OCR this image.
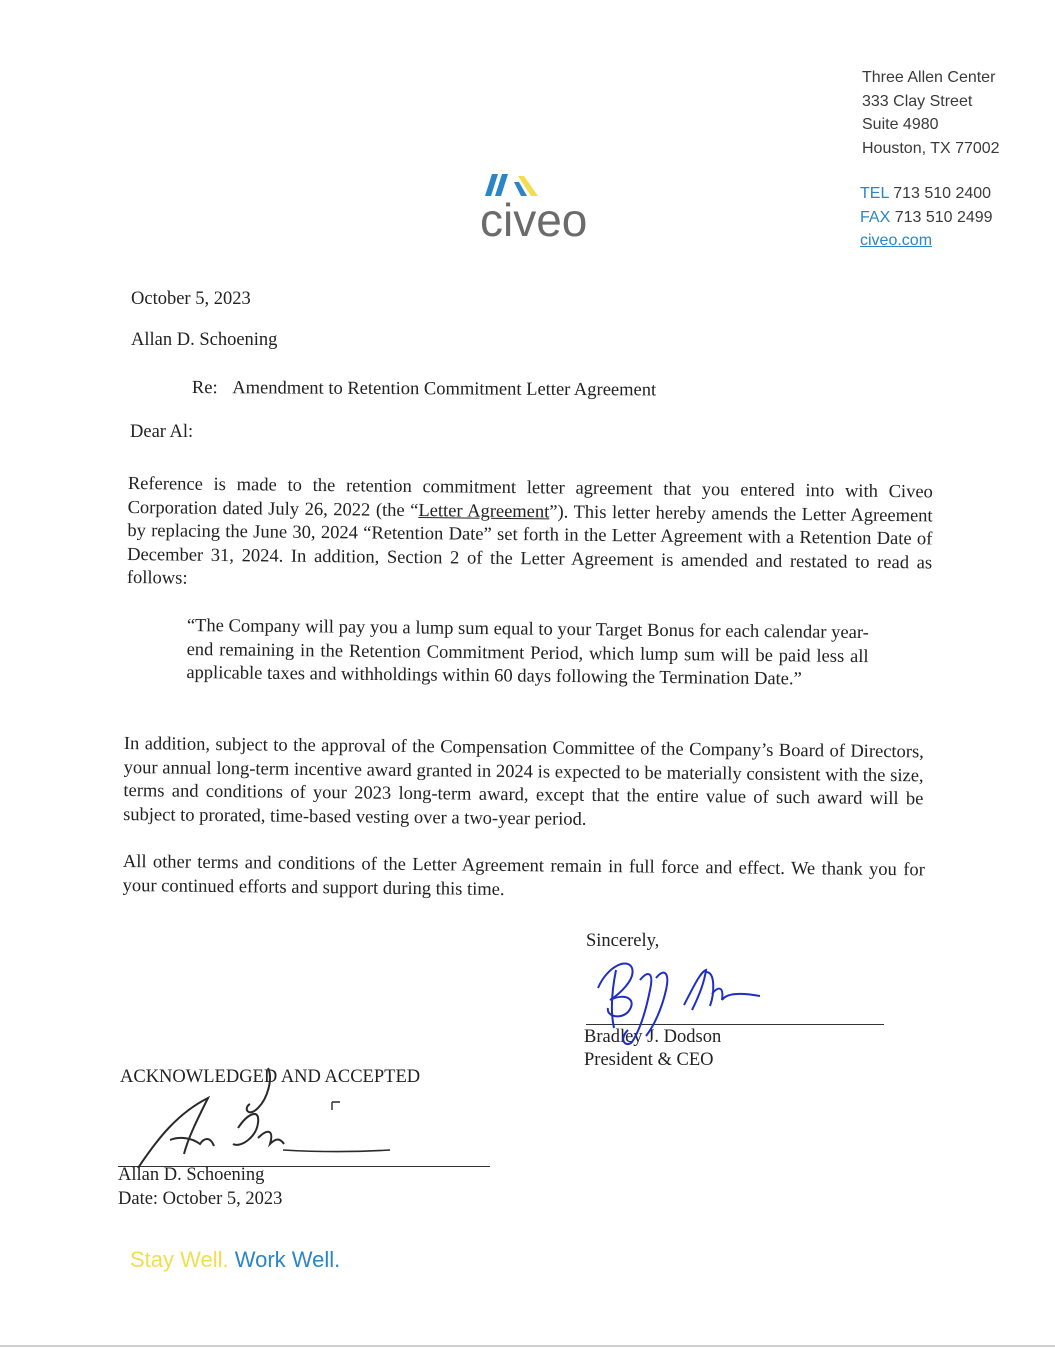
Three Allen Center
333 Clay Street
Suite 4980
Houston, TX 77002
TEL 713 510 2400
FAX 713 510 2499
civeo.com
civeo
October 5, 2023
Allan D. Schoening
Re: Amendment to Retention Commitment Letter Agreement
Dear Al:
Reference is made to the retention commitment letter agreement that you entered into with Civeo Corporation dated July 26, 2022 (the “Letter Agreement”). This letter hereby amends the Letter Agreement by replacing the June 30, 2024 “Retention Date” set forth in the Letter Agreement with a Retention Date of December 31, 2024. In addition, Section 2 of the Letter Agreement is amended and restated to read as follows:
“The Company will pay you a lump sum equal to your Target Bonus for each calendar year-end remaining in the Retention Commitment Period, which lump sum will be paid less all applicable taxes and withholdings within 60 days following the Termination Date.”
In addition, subject to the approval of the Compensation Committee of the Company’s Board of Directors, your annual long-term incentive award granted in 2024 is expected to be materially consistent with the size, terms and conditions of your 2023 long-term award, except that the entire value of such award will be subject to prorated, time-based vesting over a two-year period.
All other terms and conditions of the Letter Agreement remain in full force and effect. We thank you for your continued efforts and support during this time.
Sincerely,
Bradley J. Dodson
President & CEO
ACKNOWLEDGED AND ACCEPTED
Allan D. Schoening
Date: October 5, 2023
Stay Well. Work Well.
